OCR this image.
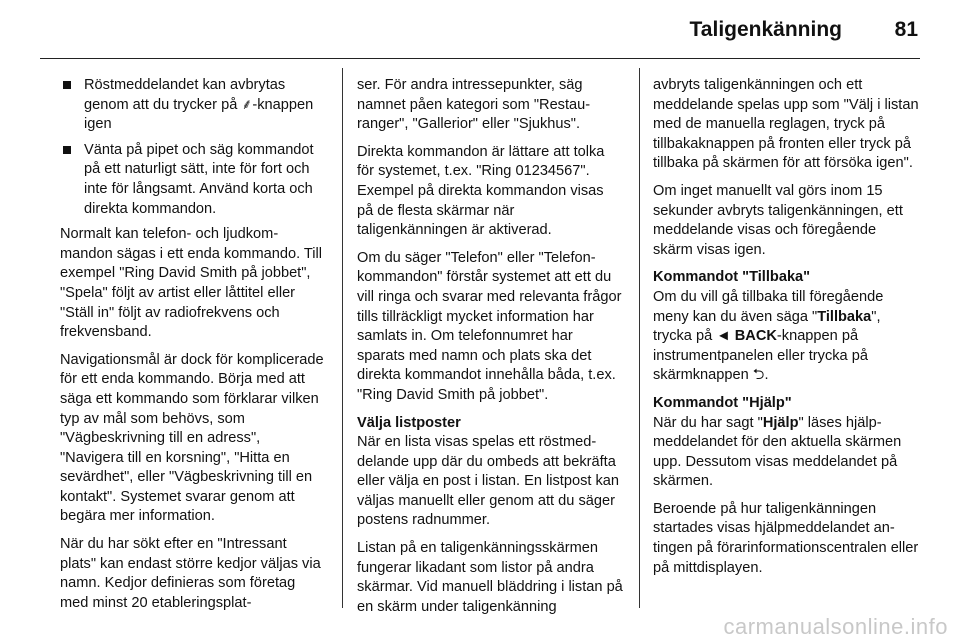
Taligenkänning	81
Röstmeddelandet kan avbrytas genom att du trycker på ⸙-knappen igen
Vänta på pipet och säg kommandot på ett naturligt sätt, inte för fort och inte för långsamt. Använd korta och direkta kommandon.

Normalt kan telefon- och ljudkommandon sägas i ett enda kommando. Till exempel "Ring David Smith på jobbet", "Spela" följt av artist eller låttitel eller "Ställ in" följt av radiofrekvens och frekvensband.

Navigationsmål är dock för komplicerade för ett enda kommando. Börja med att säga ett kommando som förklarar vilken typ av mål som behövs, som "Vägbeskrivning till en adress", "Navigera till en korsning", "Hitta en sevärdhet", eller "Vägbeskrivning till en kontakt". Systemet svarar genom att begära mer information.

När du har sökt efter en "Intressant plats" kan endast större kedjor väljas via namn. Kedjor definieras som företag med minst 20 etableringsplat-

ser. För andra intressepunkter, säg namnet påen kategori som "Restauranger", "Gallerior" eller "Sjukhus".

Direkta kommandon är lättare att tolka för systemet, t.ex. "Ring 01234567". Exempel på direkta kommandon visas på de flesta skärmar när taligenkänningen är aktiverad.

Om du säger "Telefon" eller "Telefonkommandon" förstår systemet att ett du vill ringa och svarar med relevanta frågor tills tillräckligt mycket information har samlats in. Om telefonnumret har sparats med namn och plats ska det direkta kommandot innehålla båda, t.ex. "Ring David Smith på jobbet".

Välja listposter

När en lista visas spelas ett röstmeddelande upp där du ombeds att bekräfta eller välja en post i listan. En listpost kan väljas manuellt eller genom att du säger postens radnummer.

Listan på en taligenkänningsskärmen fungerar likadant som listor på andra skärmar. Vid manuell bläddring i listan på en skärm under taligenkänning

avbryts taligenkänningen och ett meddelande spelas upp som "Välj i listan med de manuella reglagen, tryck på tillbakaknappen på fronten eller tryck på tillbaka på skärmen för att försöka igen".

Om inget manuellt val görs inom 15 sekunder avbryts taligenkänningen, ett meddelande visas och föregående skärm visas igen.

Kommandot "Tillbaka"

Om du vill gå tillbaka till föregående meny kan du även säga "Tillbaka", trycka på ◄ BACK-knappen på instrumentpanelen eller trycka på skärmknappen ⮌.

Kommandot "Hjälp"

När du har sagt "Hjälp" läses hjälpmeddelandet för den aktuella skärmen upp. Dessutom visas meddelandet på skärmen.

Beroende på hur taligenkänningen startades visas hjälpmeddelandet antingen på förarinformationscentralen eller på mittdisplayen.

carmanualsonline.info
